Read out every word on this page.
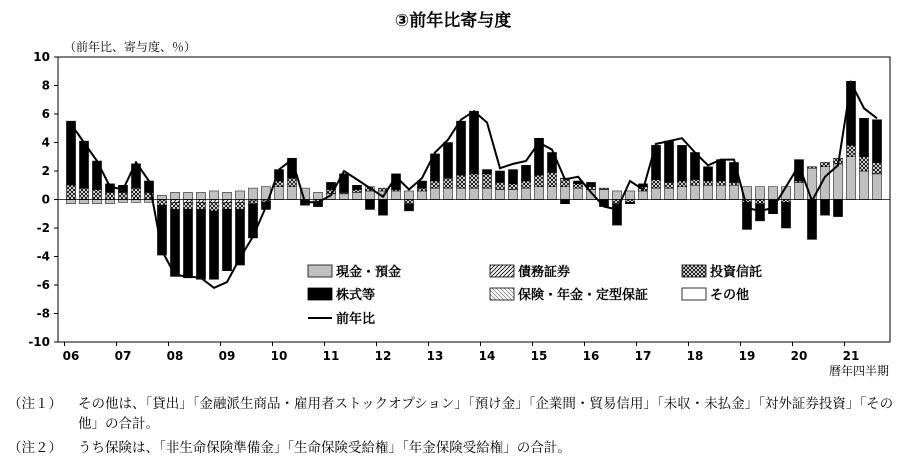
③前年比寄与度
（前年比、寄与度、％）
-10
-8
-6
-4
-2
0
2
4
6
8
10
06	07	08	09	10	11	12	13	14	15	16	17	18	19	20	21
暦年四半期
現金・預金	債務証券	投資信託
株式等	保険・年金・定型保証	その他
前年比
（注１）	その他は、「貸出」「金融派生商品・雇用者ストックオプション」「預け金」「企業間・貿易信用」「未収・未払金」「対外証券投資」「その他」の合計。
（注２）	うち保険は、「非生命保険準備金」「生命保険受給権」「年金保険受給権」の合計。
